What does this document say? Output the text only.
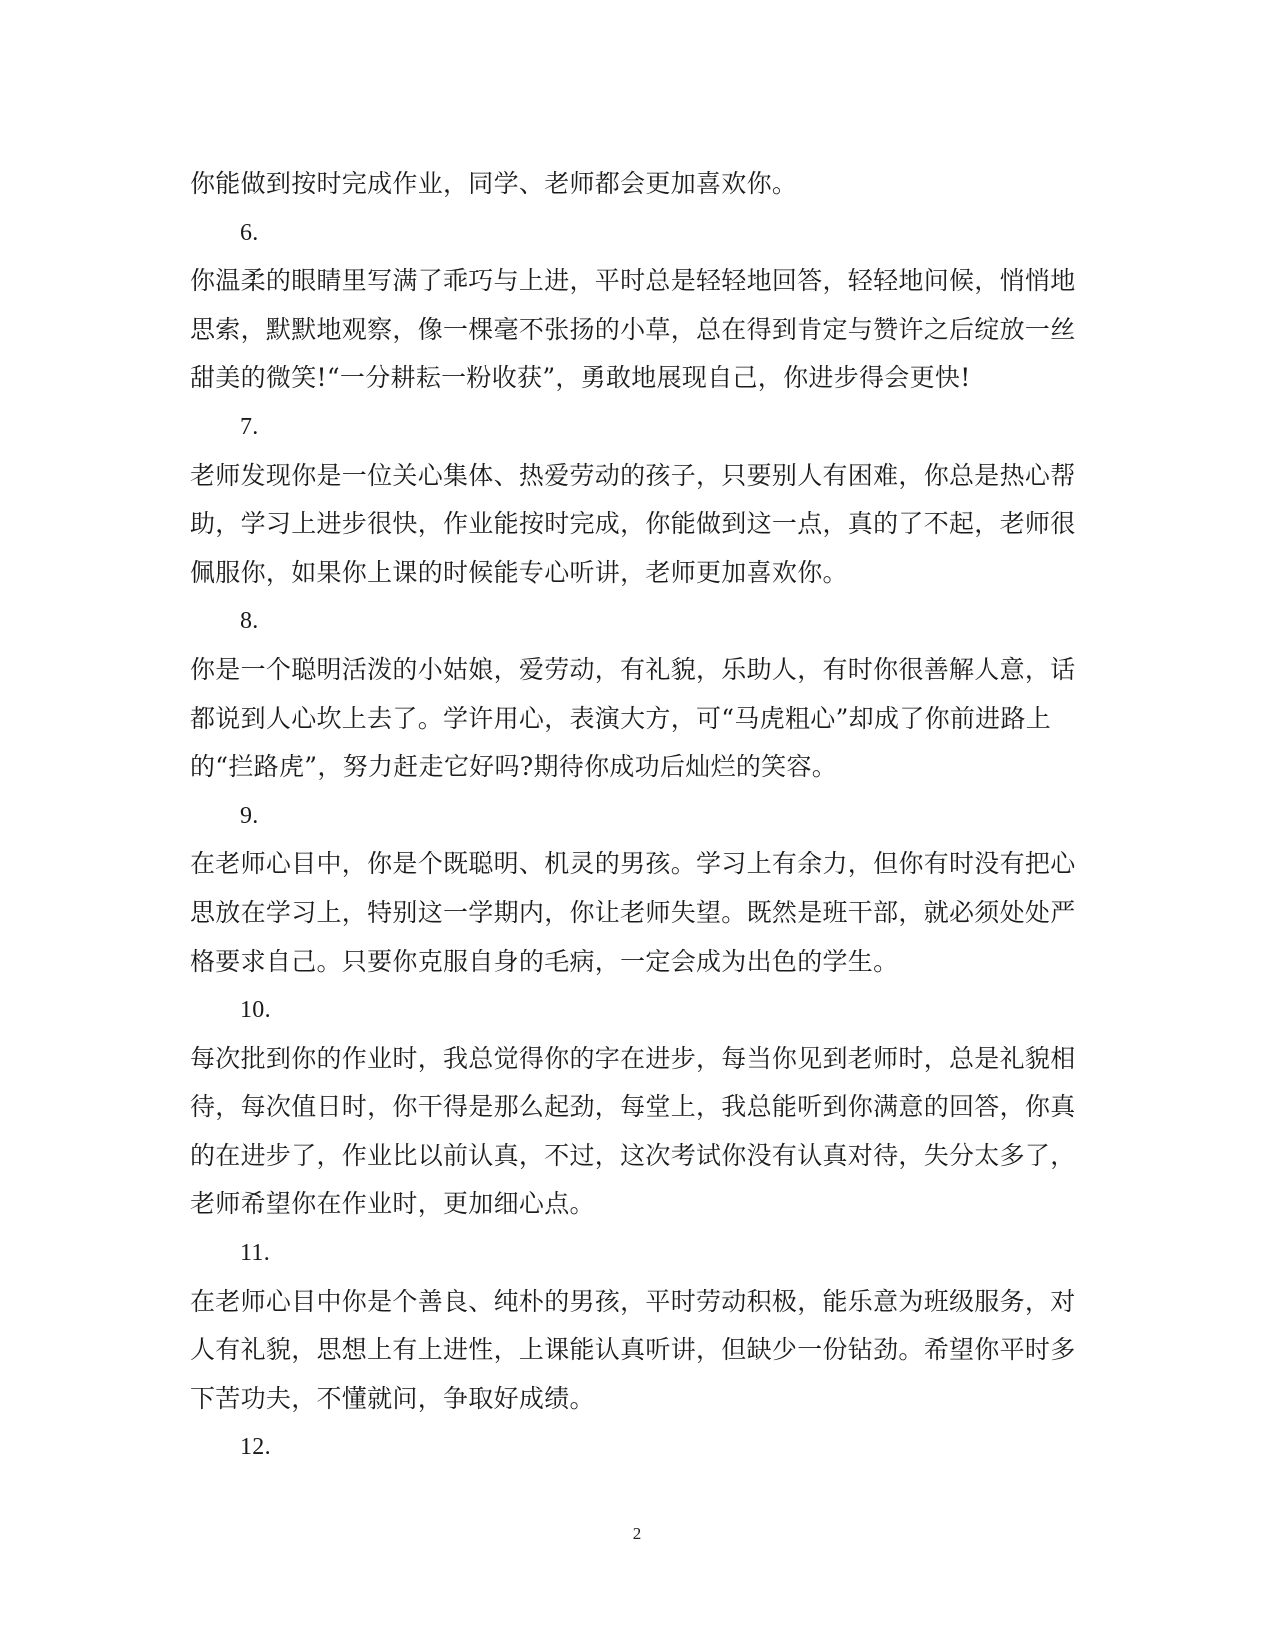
你能做到按时完成作业，同学、老师都会更加喜欢你。
6.
你温柔的眼睛里写满了乖巧与上进，平时总是轻轻地回答，轻轻地问候，悄悄地
思索，默默地观察，像一棵毫不张扬的小草，总在得到肯定与赞许之后绽放一丝
甜美的微笑!“一分耕耘一粉收获”，勇敢地展现自己，你进步得会更快!
7.
老师发现你是一位关心集体、热爱劳动的孩子，只要别人有困难，你总是热心帮
助，学习上进步很快，作业能按时完成，你能做到这一点，真的了不起，老师很
佩服你，如果你上课的时候能专心听讲，老师更加喜欢你。
8.
你是一个聪明活泼的小姑娘，爱劳动，有礼貌，乐助人，有时你很善解人意，话
都说到人心坎上去了。学许用心，表演大方，可“马虎粗心”却成了你前进路上
的“拦路虎”，努力赶走它好吗?期待你成功后灿烂的笑容。
9.
在老师心目中，你是个既聪明、机灵的男孩。学习上有余力，但你有时没有把心
思放在学习上，特别这一学期内，你让老师失望。既然是班干部，就必须处处严
格要求自己。只要你克服自身的毛病，一定会成为出色的学生。
10.
每次批到你的作业时，我总觉得你的字在进步，每当你见到老师时，总是礼貌相
待，每次值日时，你干得是那么起劲，每堂上，我总能听到你满意的回答，你真
的在进步了，作业比以前认真，不过，这次考试你没有认真对待，失分太多了，
老师希望你在作业时，更加细心点。
11.
在老师心目中你是个善良、纯朴的男孩，平时劳动积极，能乐意为班级服务，对
人有礼貌，思想上有上进性，上课能认真听讲，但缺少一份钻劲。希望你平时多
下苦功夫，不懂就问，争取好成绩。
12.
2
